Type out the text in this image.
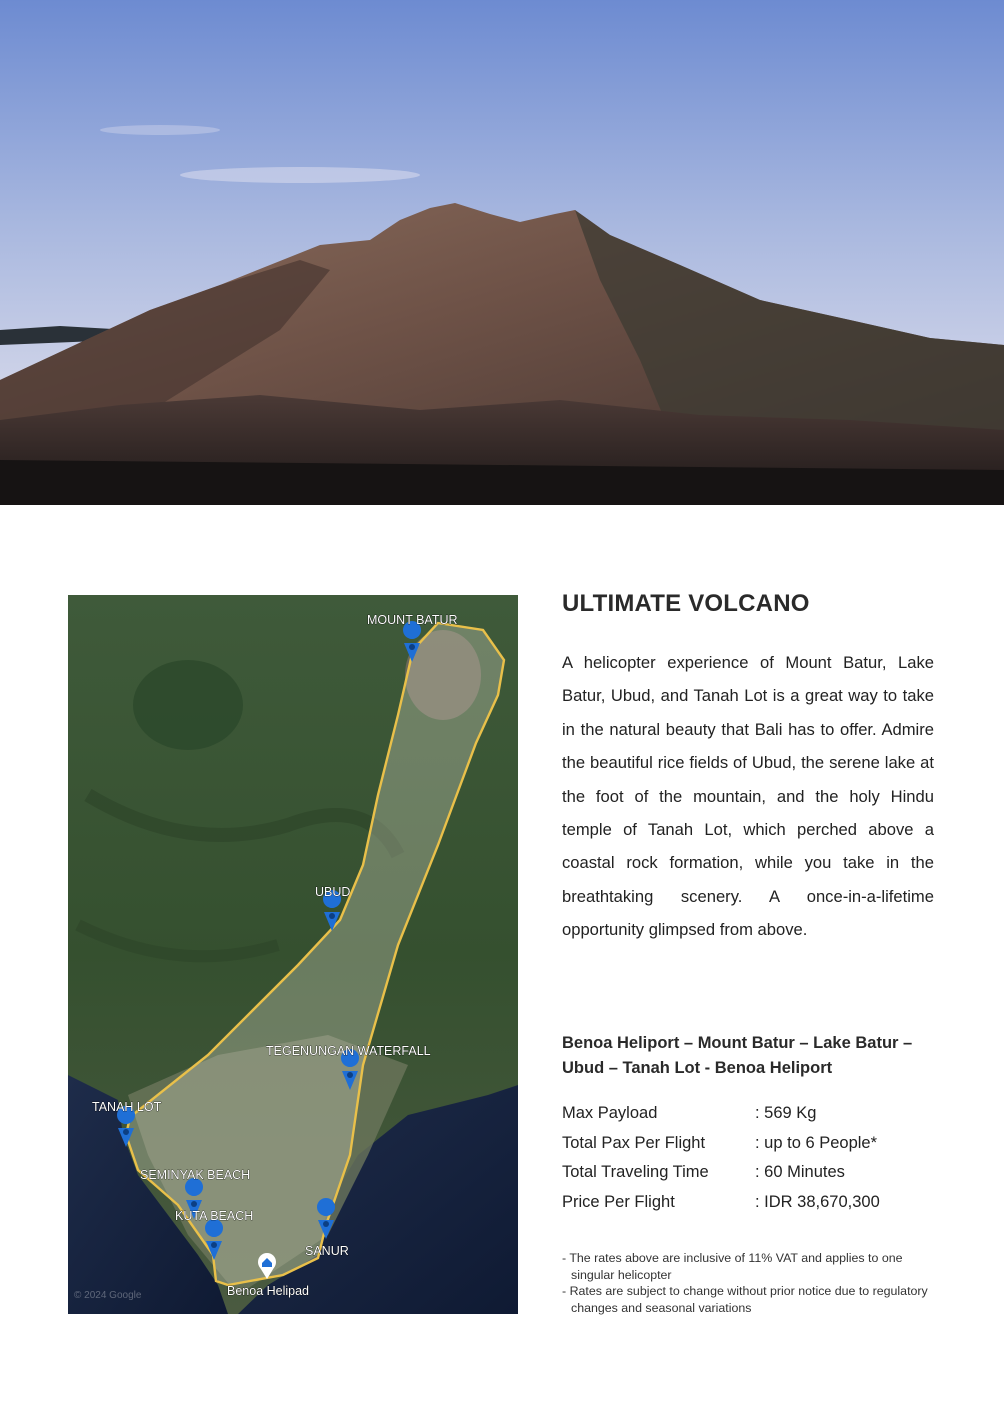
MOUNT BATUR
UBUD
TEGENUNGAN WATERFALL
TANAH LOT
SEMINYAK BEACH
KUTA BEACH
SANUR
Benoa Helipad
© 2024 Google
ULTIMATE VOLCANO
A helicopter experience of Mount Batur, Lake Batur, Ubud, and Tanah Lot is a great way to take in the natural beauty that Bali has to offer. Admire the beautiful rice fields of Ubud, the serene lake at the foot of the mountain, and the holy Hindu temple of Tanah Lot, which perched above a coastal rock formation, while you take in the breathtaking scenery. A once-in-a-lifetime opportunity glimpsed from above.
Benoa Heliport – Mount Batur – Lake Batur – Ubud – Tanah Lot - Benoa Heliport
Max Payload	: 569 Kg
Total Pax Per Flight	: up to 6 People*
Total Traveling Time	: 60 Minutes
Price Per Flight	: IDR 38,670,300
- The rates above are inclusive of 11% VAT and applies to one singular helicopter
- Rates are subject to change without prior notice due to regulatory changes and seasonal variations
